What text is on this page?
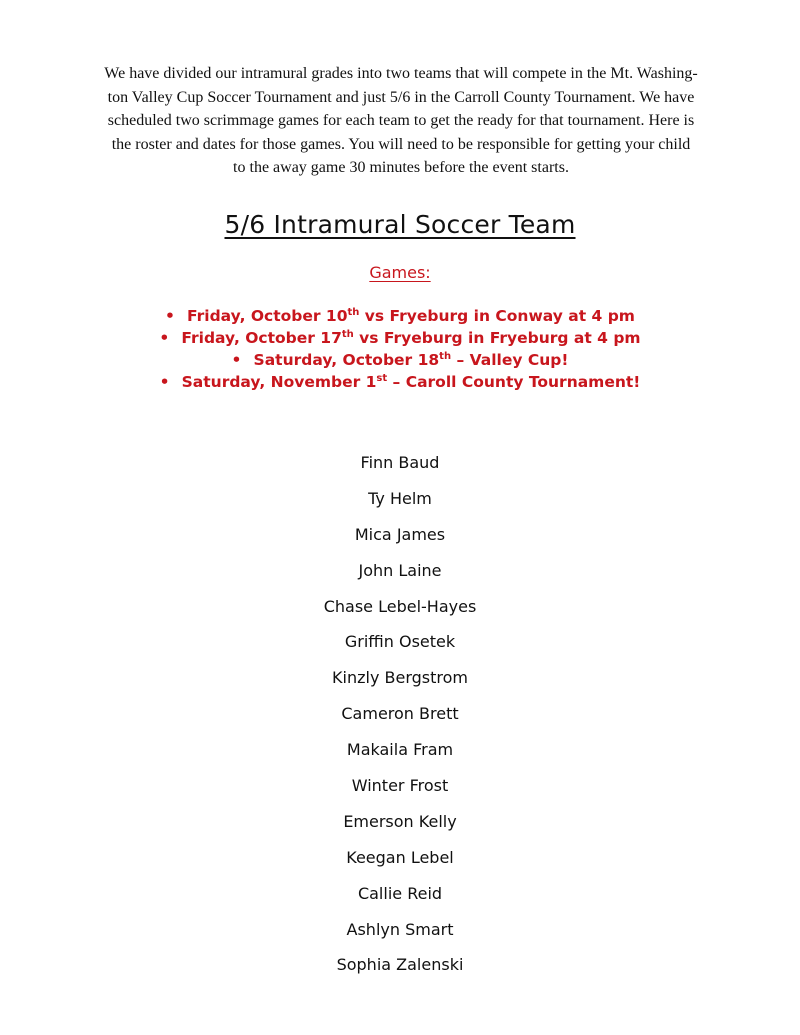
We have divided our intramural grades into two teams that will compete in the Mt. Washing-
ton Valley Cup Soccer Tournament and just 5/6 in the Carroll County Tournament. We have
scheduled two scrimmage games for each team to get the ready for that tournament. Here is
the roster and dates for those games. You will need to be responsible for getting your child
to the away game 30 minutes before the event starts.
5/6 Intramural Soccer Team
Games:
• Friday, October 10th vs Fryeburg in Conway at 4 pm
• Friday, October 17th vs Fryeburg in Fryeburg at 4 pm
• Saturday, October 18th – Valley Cup!
• Saturday, November 1st – Caroll County Tournament!
Finn Baud
Ty Helm
Mica James
John Laine
Chase Lebel-Hayes
Griffin Osetek
Kinzly Bergstrom
Cameron Brett
Makaila Fram
Winter Frost
Emerson Kelly
Keegan Lebel
Callie Reid
Ashlyn Smart
Sophia Zalenski
